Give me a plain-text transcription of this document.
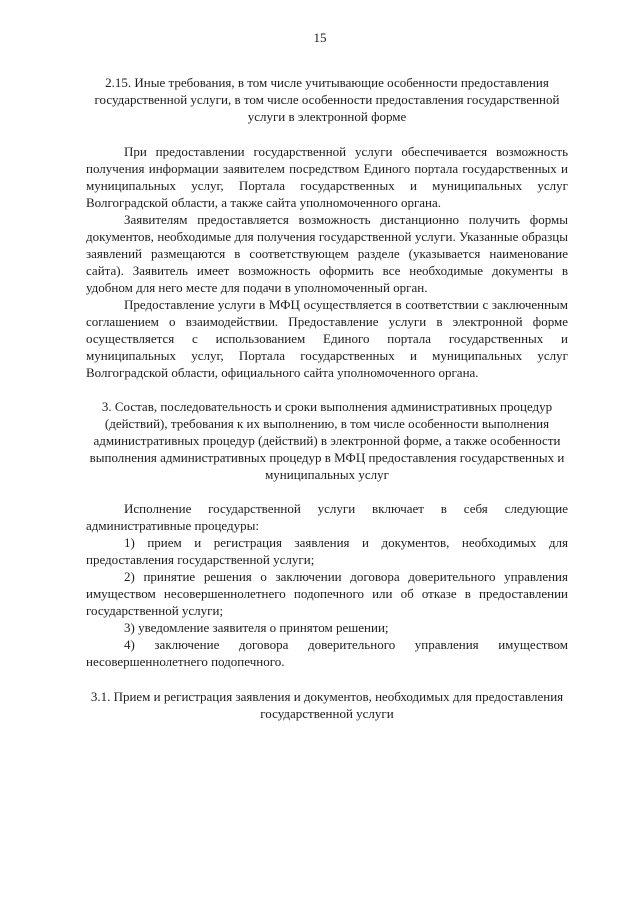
15

2.15. Иные требования, в том числе учитывающие особенности предоставления государственной услуги, в том числе особенности предоставления государственной услуги в электронной форме

При предоставлении государственной услуги обеспечивается возможность получения информации заявителем посредством Единого портала государственных и муниципальных услуг, Портала государственных и муниципальных услуг Волгоградской области, а также сайта уполномоченного органа.

Заявителям предоставляется возможность дистанционно получить формы документов, необходимые для получения государственной услуги. Указанные образцы заявлений размещаются в соответствующем разделе (указывается наименование сайта). Заявитель имеет возможность оформить все необходимые документы в удобном для него месте для подачи в уполномоченный орган.

Предоставление услуги в МФЦ осуществляется в соответствии с заключенным соглашением о взаимодействии. Предоставление услуги в электронной форме осуществляется с использованием Единого портала государственных и муниципальных услуг, Портала государственных и муниципальных услуг Волгоградской области, официального сайта уполномоченного органа.

3. Состав, последовательность и сроки выполнения административных процедур (действий), требования к их выполнению, в том числе особенности выполнения административных процедур (действий) в электронной форме, а также особенности выполнения административных процедур в МФЦ предоставления государственных и муниципальных услуг

Исполнение государственной услуги включает в себя следующие административные процедуры:

1) прием и регистрация заявления и документов, необходимых для предоставления государственной услуги;

2) принятие решения о заключении договора доверительного управления имуществом несовершеннолетнего подопечного или об отказе в предоставлении государственной услуги;

3) уведомление заявителя о принятом решении;

4) заключение договора доверительного управления имуществом несовершеннолетнего подопечного.

3.1. Прием и регистрация заявления и документов, необходимых для предоставления государственной услуги
